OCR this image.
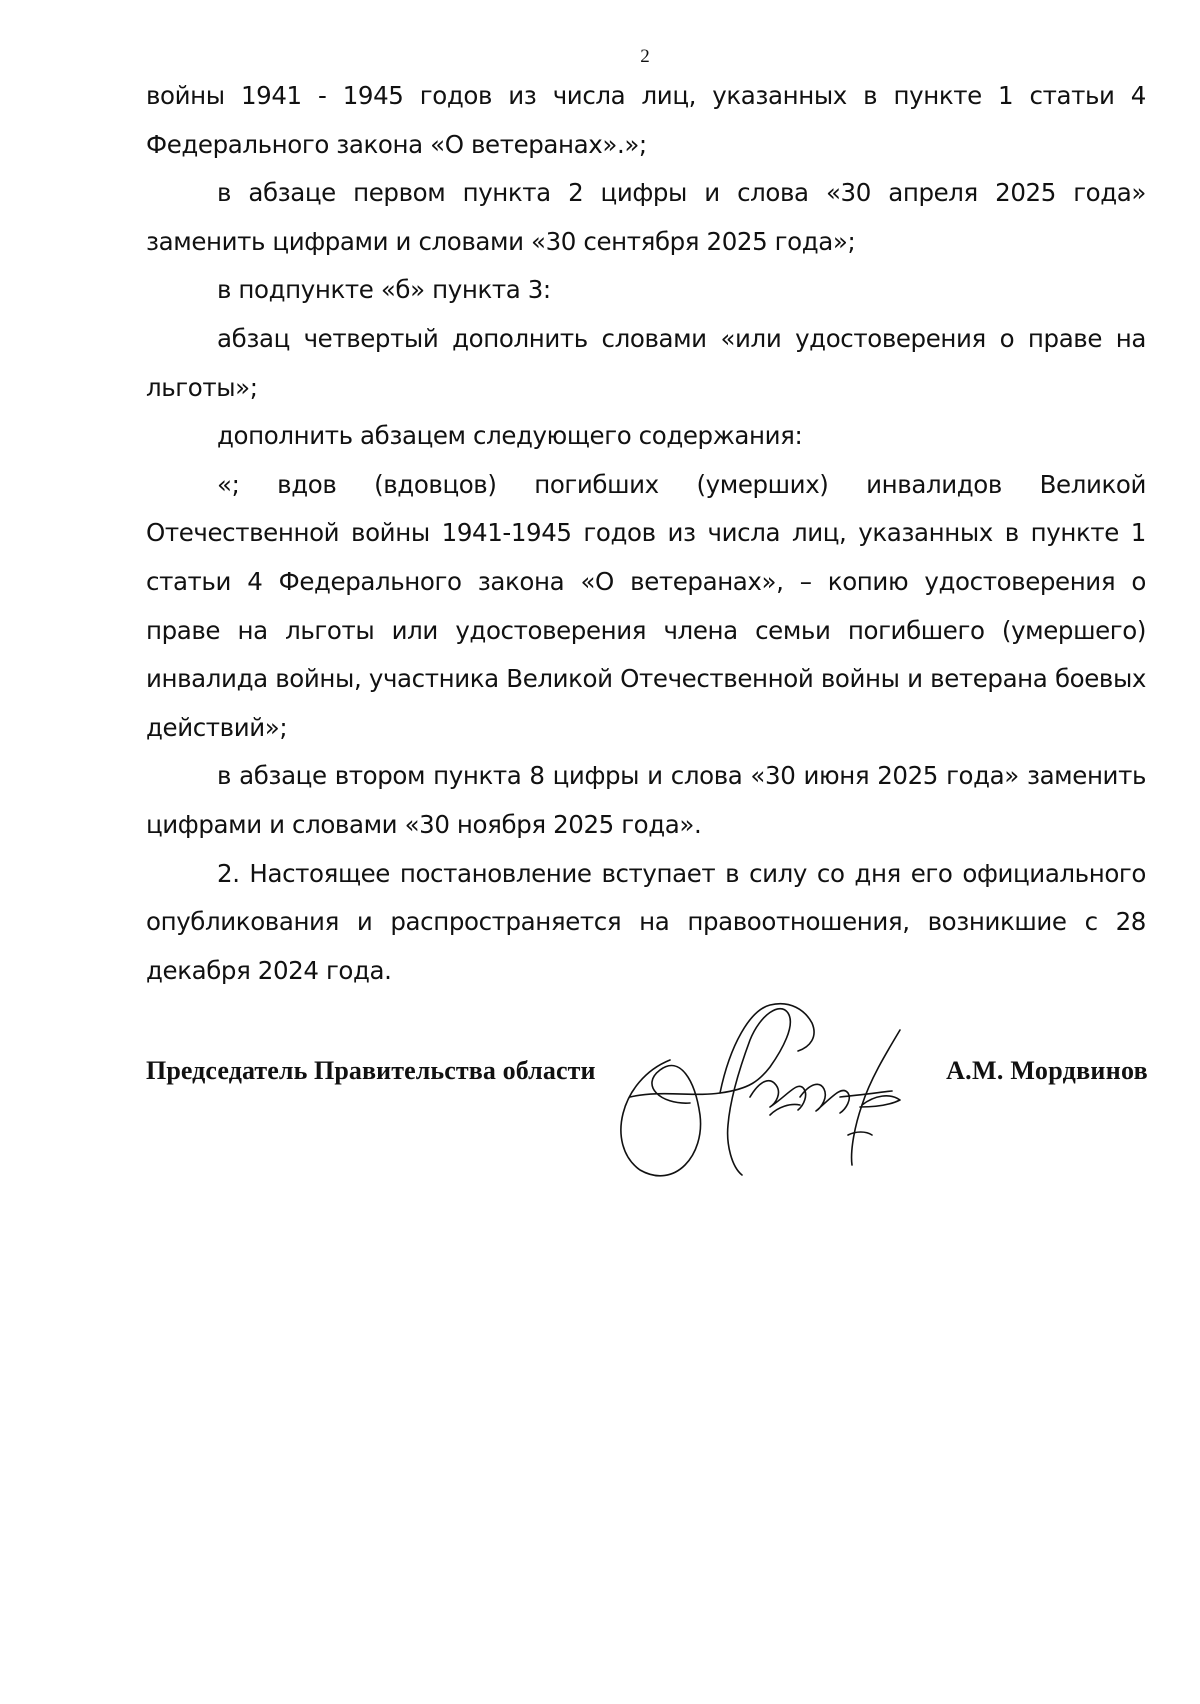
2

войны 1941 - 1945 годов из числа лиц, указанных в пункте 1 статьи 4 Федерального закона «О ветеранах».»;

в абзаце первом пункта 2 цифры и слова «30 апреля 2025 года» заменить цифрами и словами «30 сентября 2025 года»;

в подпункте «б» пункта 3:

абзац четвертый дополнить словами «или удостоверения о праве на льготы»;

дополнить абзацем следующего содержания:

«; вдов (вдовцов) погибших (умерших) инвалидов Великой Отечественной войны 1941-1945 годов из числа лиц, указанных в пункте 1 статьи 4 Федерального закона «О ветеранах», – копию удостоверения о праве на льготы или удостоверения члена семьи погибшего (умершего) инвалида войны, участника Великой Отечественной войны и ветерана боевых действий»;

в абзаце втором пункта 8 цифры и слова «30 июня 2025 года» заменить цифрами и словами «30 ноября 2025 года».

2. Настоящее постановление вступает в силу со дня его официального опубликования и распространяется на правоотношения, возникшие с 28 декабря 2024 года.

Председатель Правительства области	А.М. Мордвинов
